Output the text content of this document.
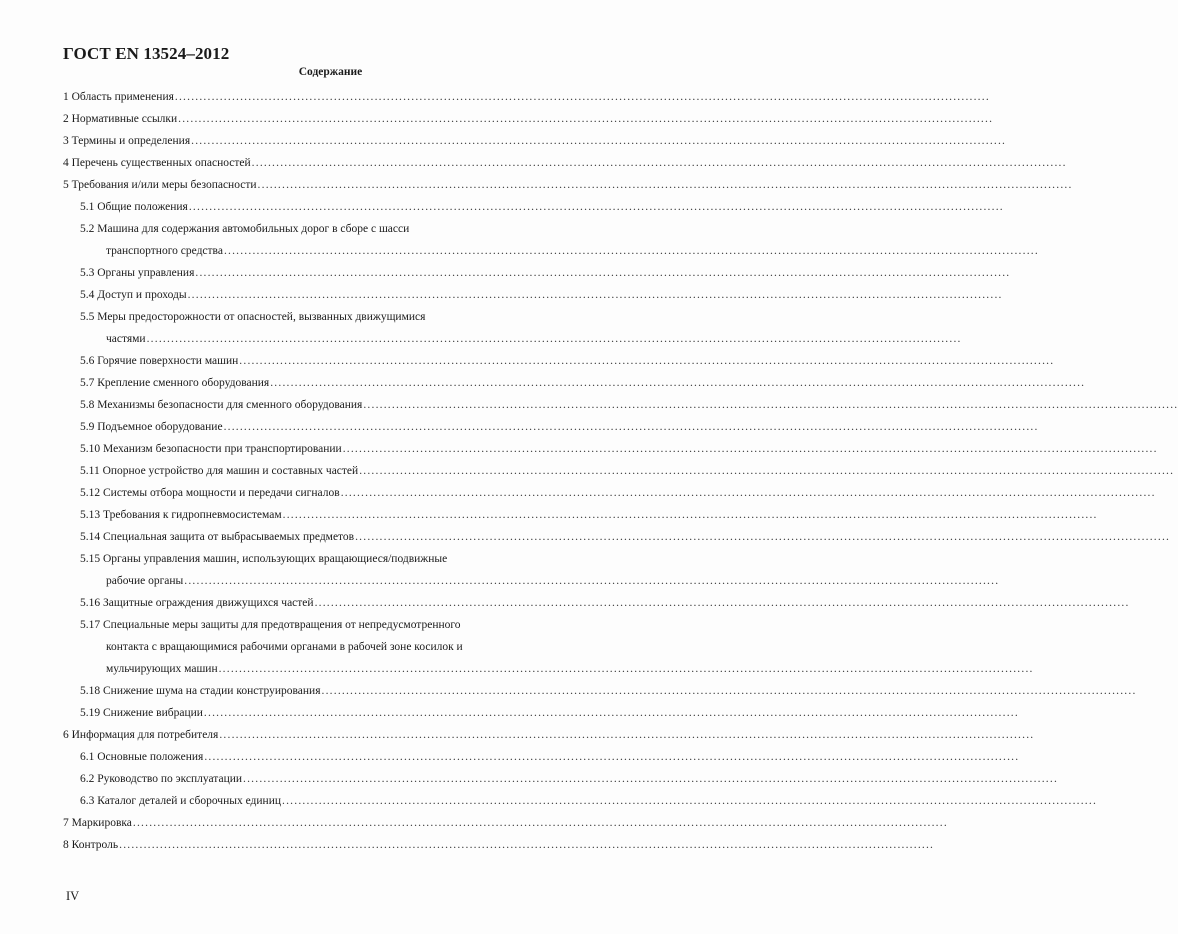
ГОСТ EN 13524–2012
Содержание
1 Область применения ........................................................................................................................................................................................................
2 Нормативные ссылки ........................................................................................................................................................................................................
3 Термины и определения ........................................................................................................................................................................................................
4 Перечень существенных опасностей ........................................................................................................................................................................................................
5 Требования и/или меры безопасности ........................................................................................................................................................................................................
5.1 Общие положения ........................................................................................................................................................................................................
5.2 Машина для содержания автомобильных дорог в сборе с шасси
транспортного средства ........................................................................................................................................................................................................
5.3 Органы управления ........................................................................................................................................................................................................
5.4 Доступ и проходы ........................................................................................................................................................................................................
5.5 Меры предосторожности от опасностей, вызванных движущимися
частями ........................................................................................................................................................................................................
5.6 Горячие поверхности машин ........................................................................................................................................................................................................
5.7 Крепление сменного оборудования ........................................................................................................................................................................................................
5.8 Механизмы безопасности для сменного оборудования ........................................................................................................................................................................................................
5.9 Подъемное оборудование ........................................................................................................................................................................................................
5.10 Механизм безопасности при транспортировании ........................................................................................................................................................................................................
5.11 Опорное устройство для машин и составных частей ........................................................................................................................................................................................................
5.12 Системы отбора мощности и передачи сигналов ........................................................................................................................................................................................................
5.13 Требования к гидропневмосистемам ........................................................................................................................................................................................................
5.14 Специальная защита от выбрасываемых предметов ........................................................................................................................................................................................................
5.15 Органы управления машин, использующих вращающиеся/подвижные
рабочие органы ........................................................................................................................................................................................................
5.16 Защитные ограждения движущихся частей ........................................................................................................................................................................................................
5.17 Специальные меры защиты для предотвращения от непредусмотренного
контакта с вращающимися рабочими органами в рабочей зоне косилок и
мульчирующих машин ........................................................................................................................................................................................................
5.18 Снижение шума на стадии конструирования ........................................................................................................................................................................................................
5.19 Снижение вибрации ........................................................................................................................................................................................................
6 Информация для потребителя ........................................................................................................................................................................................................
6.1 Основные положения ........................................................................................................................................................................................................
6.2 Руководство по эксплуатации ........................................................................................................................................................................................................
6.3 Каталог деталей и сборочных единиц ........................................................................................................................................................................................................
7 Маркировка ........................................................................................................................................................................................................
8 Контроль ........................................................................................................................................................................................................
IV
